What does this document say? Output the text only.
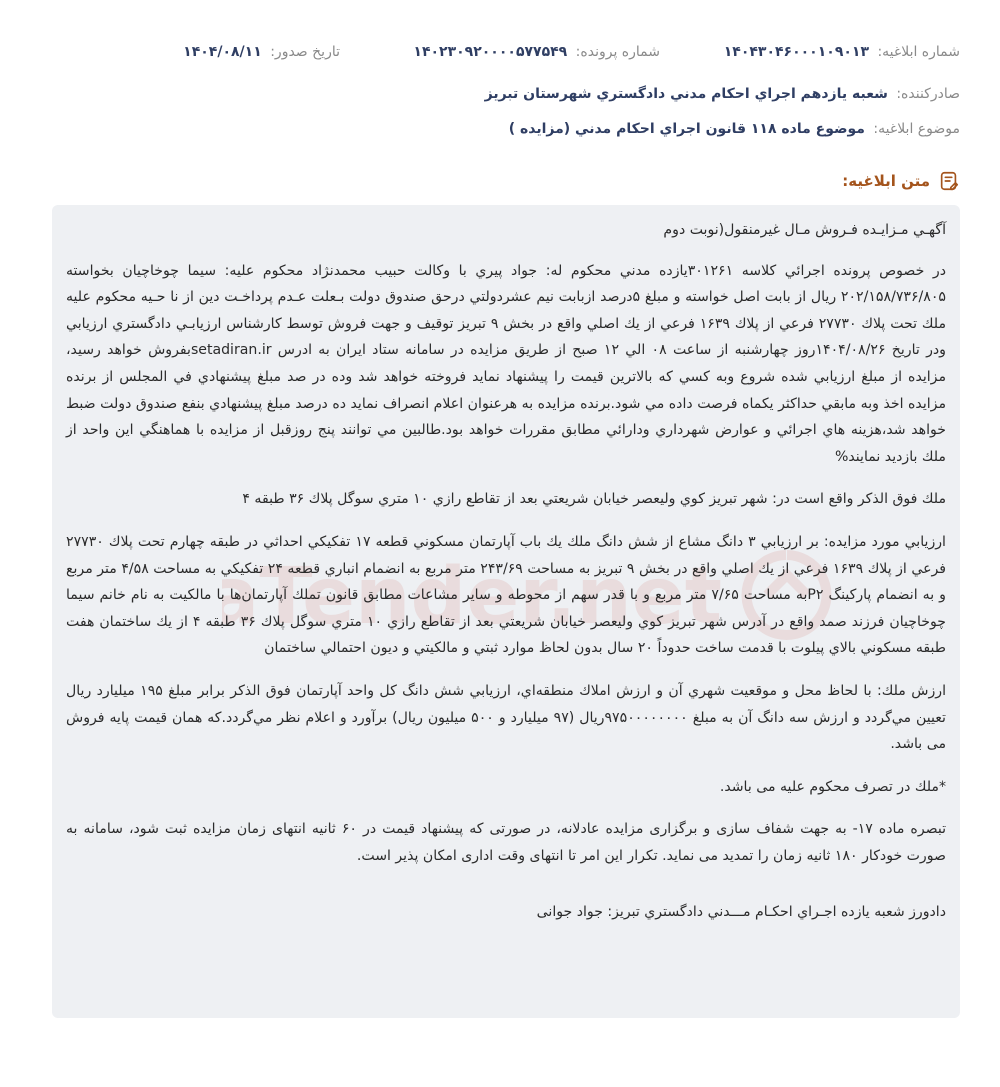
شماره ابلاغیه: ۱۴۰۴۳۰۴۶۰۰۰۱۰۹۰۱۳
شماره پرونده: ۱۴۰۲۳۰۹۲۰۰۰۰۵۷۷۵۴۹
تاریخ صدور: ۱۴۰۴/۰۸/۱۱
صادرکننده: شعبه يازدهم اجراي احكام مدني دادگستري شهرستان تبريز
موضوع ابلاغیه: موضوع ماده ۱۱۸ قانون اجراي احكام مدني (مزايده )
متن ابلاغیه:
aTender.net

آگهـي مـزايـده فـروش مـال غيرمنقول(نوبت دوم

در خصوص پرونده اجرائي كلاسه ۳۰۱۲۶۱يازده مدني محكوم له: جواد پيري با وكالت حبيب محمدنژاد محكوم عليه: سيما چوخاچيان بخواسته ۲۰۲/۱۵۸/۷۳۶/۸۰۵ ريال از بابت اصل خواسته و مبلغ ۵درصد ازبابت نيم عشردولتي درحق صندوق دولت بـعلت عـدم پرداخـت دين از نا حـيه محكوم عليه ملك تحت پلاك ۲۷۷۳۰ فرعي از پلاك ۱۶۳۹ فرعي از يك اصلي واقع در بخش ۹ تبريز توقيف و جهت فروش توسط كارشناس ارزيابـي دادگستري ارزيابي ودر تاريخ ۱۴۰۴/۰۸/۲۶روز چهارشنبه از ساعت ۰۸ الي ۱۲ صبح از طريق مزايده در سامانه ستاد ايران به ادرس setadiran.irبفروش خواهد رسيد، مزايده از مبلغ ارزيابي شده شروع وبه كسي كه بالاترين قيمت را پيشنهاد نمايد فروخته خواهد شد وده در صد مبلغ پيشنهادي في المجلس از برنده مزايده اخذ وبه مابقي حداكثر يكماه فرصت داده مي شود.برنده مزايده به هرعنوان اعلام انصراف نمايد ده درصد مبلغ پيشنهادي بنفع صندوق دولت ضبط خواهد شد،هزينه هاي اجرائي و عوارض شهرداري ودارائي مطابق مقررات خواهد بود.طالبين مي توانند پنج روزقبل از مزايده با هماهنگي اين واحد از ملك بازديد نمايند%

ملك فوق الذكر واقع است در: شهر تبريز كوي وليعصر خيابان شريعتي بعد از تقاطع رازي ۱۰ متري سوگل پلاك ۳۶ طبقه ۴

ارزيابي مورد مزايده: بر ارزيابي ۳ دانگ مشاع از شش دانگ ملك يك باب آپارتمان مسكوني قطعه ۱۷ تفكيكي احداثي در طبقه چهارم تحت پلاك ۲۷۷۳۰ فرعي از پلاك ۱۶۳۹ فرعي از يك اصلي واقع در بخش ۹ تبريز به مساحت ۲۴۳/۶۹ متر مربع به انضمام انباري قطعه ۲۴ تفكيكي به مساحت ۴/۵۸ متر مربع و به انضمام پاركينگ P۲به مساحت ۷/۶۵ متر مربع و با قدر سهم از محوطه و ساير مشاعات مطابق قانون تملك آپارتمان‌ها با مالكيت به نام خانم سيما چوخاچيان فرزند صمد واقع در آدرس شهر تبريز كوي وليعصر خيابان شريعتي بعد از تقاطع رازي ۱۰ متري سوگل پلاك ۳۶ طبقه ۴ از يك ساختمان هفت طبقه مسكوني بالاي پيلوت با قدمت ساخت حدوداً ۲۰ سال بدون لحاظ موارد ثبتي و مالكيتي و ديون احتمالي ساختمان

ارزش ملك: با لحاظ محل و موقعيت شهري آن و ارزش املاك منطقه‌اي، ارزيابي شش دانگ كل واحد آپارتمان فوق الذكر برابر مبلغ ۱۹۵ ميليارد ريال تعيين مي‌گردد و ارزش سه دانگ آن به مبلغ ۹۷۵۰۰۰۰۰۰۰۰ريال (۹۷ ميليارد و ۵۰۰ ميليون ريال) برآورد و اعلام نظر مي‌گردد.كه همان قيمت پايه فروش مى باشد.

*ملك در تصرف محكوم عليه مى باشد.

تبصره ماده ۱۷- به جهت شفاف سازی و برگزاری مزایده عادلانه، در صورتی که پیشنهاد قیمت در ۶۰ ثانیه انتهای زمان مزایده ثبت شود، سامانه به صورت خودکار ۱۸۰ ثانیه زمان را تمدید می نماید. تکرار این امر تا انتهای وقت اداری امکان پذیر است.

دادورز شعبه يازده اجـراي احكـام مـــدني دادگستري تبريز: جواد جوانى
